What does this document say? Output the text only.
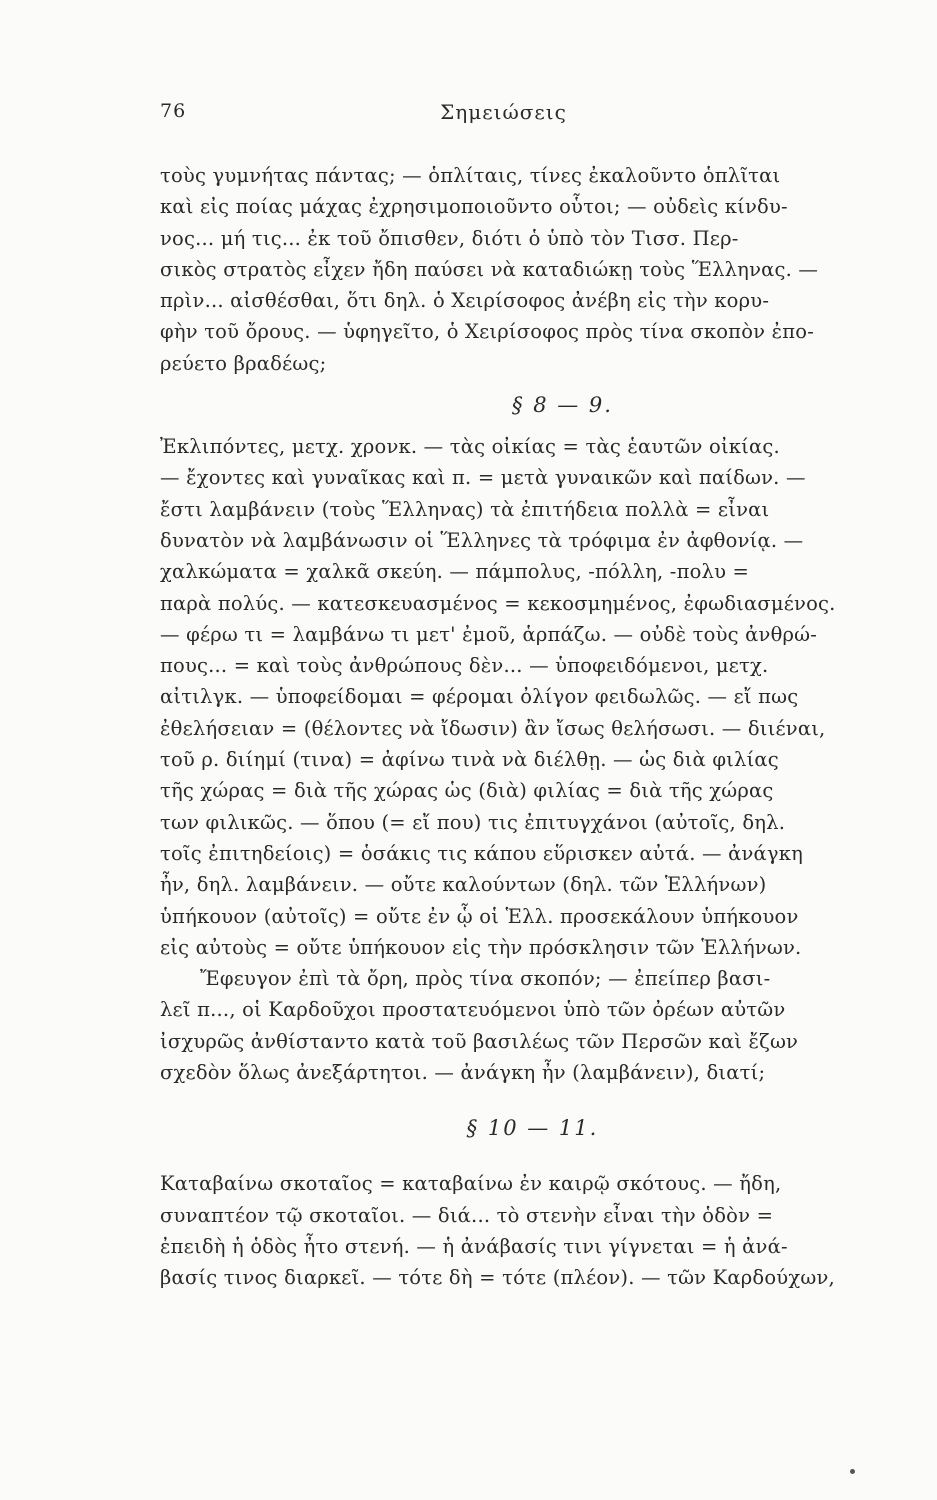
76	Σημειώσεις
τοὺς γυμνήτας πάντας; — ὁπλίταις, τίνες ἐκαλοῦντο ὁπλῖται
καὶ εἰς ποίας μάχας ἐχρησιμοποιοῦντο οὗτοι; — οὐδεὶς κίνδυ-
νος... μή τις... ἐκ τοῦ ὄπισθεν, διότι ὁ ὑπὸ τὸν Τισσ. Περ-
σικὸς στρατὸς εἶχεν ἤδη παύσει νὰ καταδιώκῃ τοὺς Ἕλληνας. —
πρὶν... αἰσθέσθαι, ὅτι δηλ. ὁ Χειρίσοφος ἀνέβη εἰς τὴν κορυ-
φὴν τοῦ ὄρους. — ὑφηγεῖτο, ὁ Χειρίσοφος πρὸς τίνα σκοπὸν ἐπο-
ρεύετο βραδέως;
§ 8 — 9.
Ἐκλιπόντες, μετχ. χρονκ. — τὰς οἰκίας = τὰς ἑαυτῶν οἰκίας.
— ἔχοντες καὶ γυναῖκας καὶ π. = μετὰ γυναικῶν καὶ παίδων. —
ἔστι λαμβάνειν (τοὺς Ἕλληνας) τὰ ἐπιτήδεια πολλὰ = εἶναι
δυνατὸν νὰ λαμβάνωσιν οἱ Ἕλληνες τὰ τρόφιμα ἐν ἀφθονίᾳ. —
χαλκώματα = χαλκᾶ σκεύη. — πάμπολυς, -πόλλη, -πολυ =
παρὰ πολύς. — κατεσκευασμένος = κεκοσμημένος, ἐφωδιασμένος.
— φέρω τι = λαμβάνω τι μετ' ἐμοῦ, ἁρπάζω. — οὐδὲ τοὺς ἀνθρώ-
πους... = καὶ τοὺς ἀνθρώπους δὲν... — ὑποφειδόμενοι, μετχ.
αἰτιλγκ. — ὑποφείδομαι = φέρομαι ὀλίγον φειδωλῶς. — εἴ πως
ἐθελήσειαν = (θέλοντες νὰ ἴδωσιν) ἂν ἴσως θελήσωσι. — διιέναι,
τοῦ ρ. διίημί (τινα) = ἀφίνω τινὰ νὰ διέλθῃ. — ὡς διὰ φιλίας
τῆς χώρας = διὰ τῆς χώρας ὡς (διὰ) φιλίας = διὰ τῆς χώρας
των φιλικῶς. — ὅπου (= εἴ που) τις ἐπιτυγχάνοι (αὐτοῖς, δηλ.
τοῖς ἐπιτηδείοις) = ὁσάκις τις κάπου εὕρισκεν αὐτά. — ἀνάγκη
ἦν, δηλ. λαμβάνειν. — οὔτε καλούντων (δηλ. τῶν Ἑλλήνων)
ὑπήκουον (αὐτοῖς) = οὔτε ἐν ᾧ οἱ Ἑλλ. προσεκάλουν ὑπήκουον
εἰς αὐτοὺς = οὔτε ὑπήκουον εἰς τὴν πρόσκλησιν τῶν Ἑλλήνων.
Ἔφευγον ἐπὶ τὰ ὄρη, πρὸς τίνα σκοπόν; — ἐπείπερ βασι-
λεῖ π..., οἱ Καρδοῦχοι προστατευόμενοι ὑπὸ τῶν ὀρέων αὐτῶν
ἰσχυρῶς ἀνθίσταντο κατὰ τοῦ βασιλέως τῶν Περσῶν καὶ ἔζων
σχεδὸν ὅλως ἀνεξάρτητοι. — ἀνάγκη ἦν (λαμβάνειν), διατί;
§ 10 — 11.
Καταβαίνω σκοταῖος = καταβαίνω ἐν καιρῷ σκότους. — ἤδη,
συναπτέον τῷ σκοταῖοι. — διά... τὸ στενὴν εἶναι τὴν ὁδὸν =
ἐπειδὴ ἡ ὁδὸς ἦτο στενή. — ἡ ἀνάβασίς τινι γίγνεται = ἡ ἀνά-
βασίς τινος διαρκεῖ. — τότε δὴ = τότε (πλέον). — τῶν Καρδούχων,
